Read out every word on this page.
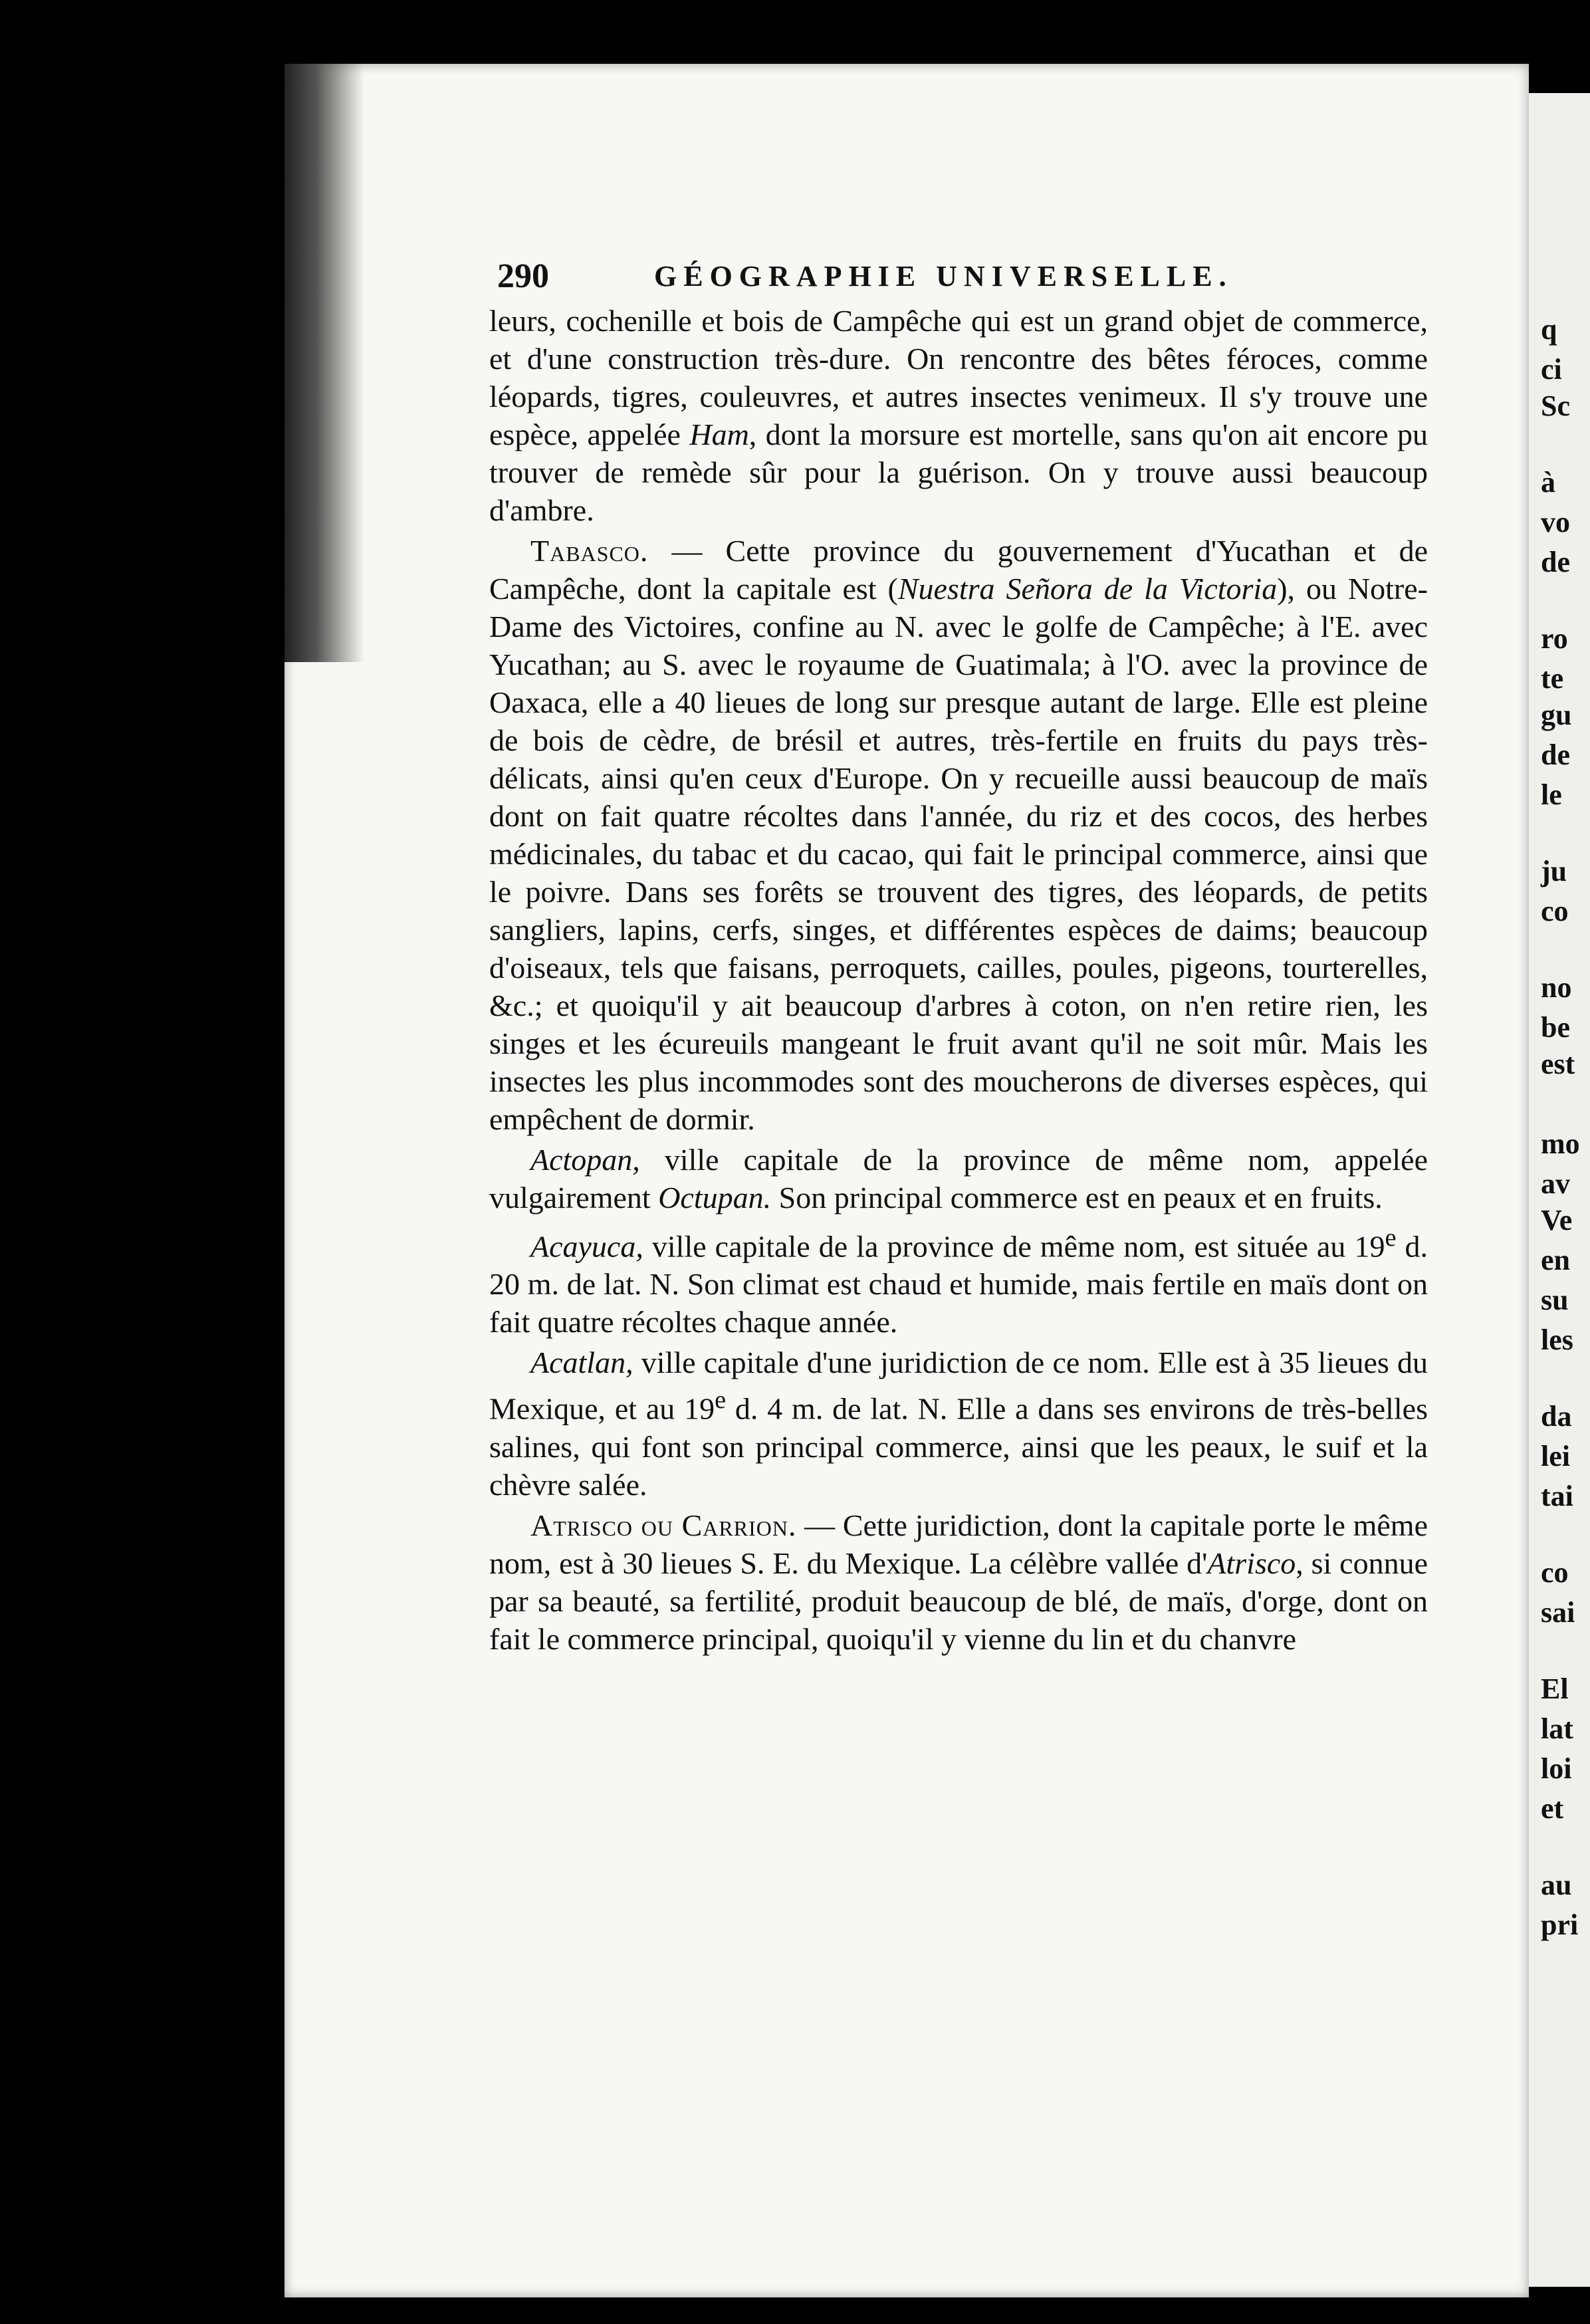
q
ci
Sc
à
vo
de
ro
te
gu
de
le
ju
co
no
be
est
mo
av
Ve
en
su
les
da
lei
tai
co
sai
El
lat
loi
et
au
pri
290	GÉOGRAPHIE UNIVERSELLE.

leurs, cochenille et bois de Campêche qui est un grand objet de commerce, et d'une construction très-dure. On rencontre des bêtes féroces, comme léopards, tigres, couleuvres, et autres insectes venimeux. Il s'y trouve une espèce, appelée Ham, dont la morsure est mortelle, sans qu'on ait encore pu trouver de remède sûr pour la guérison. On y trouve aussi beaucoup d'ambre.

Tabasco. — Cette province du gouvernement d'Yucathan et de Campêche, dont la capitale est (Nuestra Señora de la Victoria), ou Notre-Dame des Victoires, confine au N. avec le golfe de Campêche; à l'E. avec Yucathan; au S. avec le royaume de Guatimala; à l'O. avec la province de Oaxaca, elle a 40 lieues de long sur presque autant de large. Elle est pleine de bois de cèdre, de brésil et autres, très-fertile en fruits du pays très-délicats, ainsi qu'en ceux d'Europe. On y recueille aussi beaucoup de maïs dont on fait quatre récoltes dans l'année, du riz et des cocos, des herbes médicinales, du tabac et du cacao, qui fait le principal commerce, ainsi que le poivre. Dans ses forêts se trouvent des tigres, des léopards, de petits sangliers, lapins, cerfs, singes, et différentes espèces de daims; beaucoup d'oiseaux, tels que faisans, perroquets, cailles, poules, pigeons, tourterelles, &c.; et quoiqu'il y ait beaucoup d'arbres à coton, on n'en retire rien, les singes et les écureuils mangeant le fruit avant qu'il ne soit mûr. Mais les insectes les plus incommodes sont des moucherons de diverses espèces, qui empêchent de dormir.

Actopan, ville capitale de la province de même nom, appelée vulgairement Octupan. Son principal commerce est en peaux et en fruits.

Acayuca, ville capitale de la province de même nom, est située au 19e d. 20 m. de lat. N. Son climat est chaud et humide, mais fertile en maïs dont on fait quatre récoltes chaque année.

Acatlan, ville capitale d'une juridiction de ce nom. Elle est à 35 lieues du Mexique, et au 19e d. 4 m. de lat. N. Elle a dans ses environs de très-belles salines, qui font son principal commerce, ainsi que les peaux, le suif et la chèvre salée.

Atrisco ou Carrion. — Cette juridiction, dont la capitale porte le même nom, est à 30 lieues S. E. du Mexique. La célèbre vallée d'Atrisco, si connue par sa beauté, sa fertilité, produit beaucoup de blé, de maïs, d'orge, dont on fait le commerce principal, quoiqu'il y vienne du lin et du chanvre
